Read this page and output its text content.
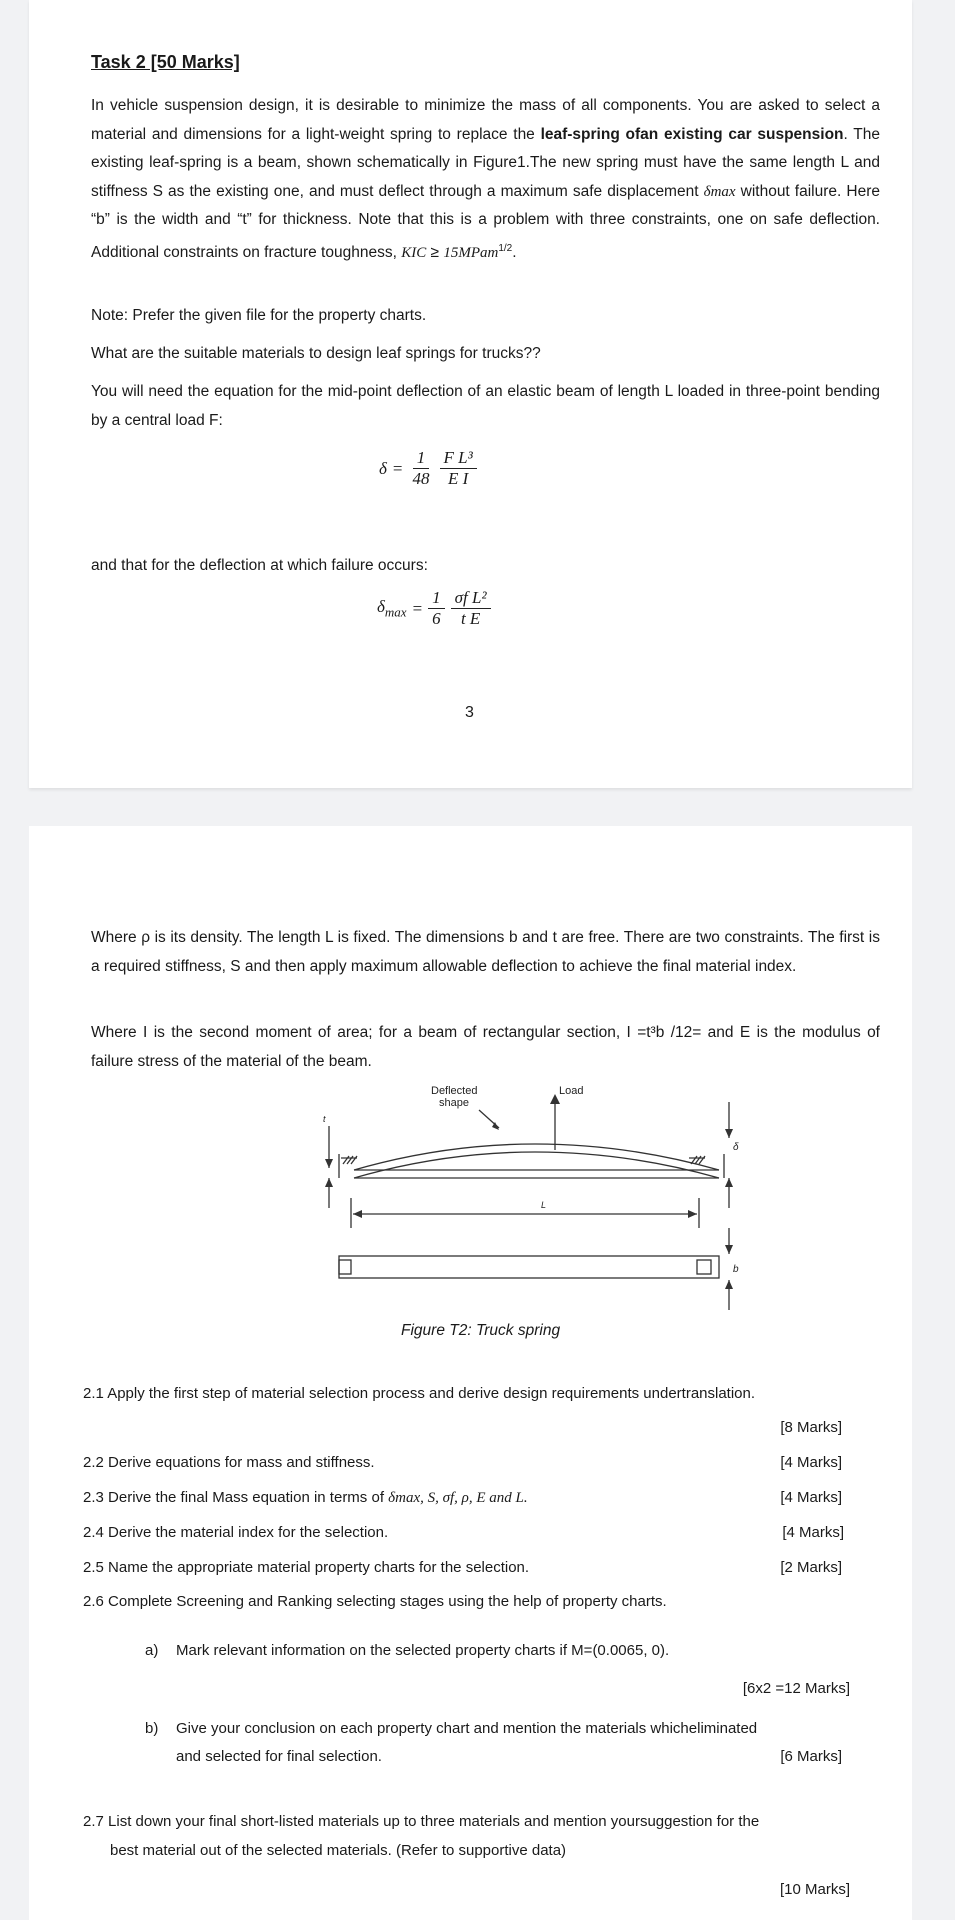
Task 2 [50 Marks]
In vehicle suspension design, it is desirable to minimize the mass of all components. You are asked to select a material and dimensions for a light-weight spring to replace the leaf-spring ofan existing car suspension. The existing leaf-spring is a beam, shown schematically in Figure1.The new spring must have the same length L and stiffness S as the existing one, and must deflect through a maximum safe displacement δmax without failure. Here “b” is the width and “t” for thickness. Note that this is a problem with three constraints, one on safe deflection. Additional constraints on fracture toughness, KIC ≥ 15MPam$^{1/2}$.
Note: Prefer the given file for the property charts.
What are the suitable materials to design leaf springs for trucks??
You will need the equation for the mid-point deflection of an elastic beam of length L loaded in three-point bending by a central load F:
$\delta = \frac{1}{48} \frac{\text{F L³}}{\text{E I}}$
and that for the deflection at which failure occurs:
$\delta_{max} = \frac{1}{6} \frac{\text{σf L²}}{\text{t E}}$
3
Where ρ is its density. The length L is fixed. The dimensions b and t are free. There are two constraints. The first is a required stiffness, S and then apply maximum allowable deflection to achieve the final material index.
Where I is the second moment of area; for a beam of rectangular section, I =t³b /12= and E is the modulus of failure stress of the material of the beam.
Deflected
shape
Load
t
L
δ
b
Figure T2: Truck spring
2.1 Apply the first step of material selection process and derive design requirements undertranslation.
[8 Marks]
2.2 Derive equations for mass and stiffness.	[4 Marks]
2.3 Derive the final Mass equation in terms of δmax, S, σf, ρ, E and L.	[4 Marks]
2.4 Derive the material index for the selection.	[4 Marks]
2.5 Name the appropriate material property charts for the selection.	[2 Marks]
2.6 Complete Screening and Ranking selecting stages using the help of property charts.
a) Mark relevant information on the selected property charts if M=(0.0065, 0).
[6x2 =12 Marks]
b) Give your conclusion on each property chart and mention the materials whicheliminated
and selected for final selection.	[6 Marks]
2.7 List down your final short-listed materials up to three materials and mention yoursuggestion for the
best material out of the selected materials. (Refer to supportive data)
[10 Marks]
